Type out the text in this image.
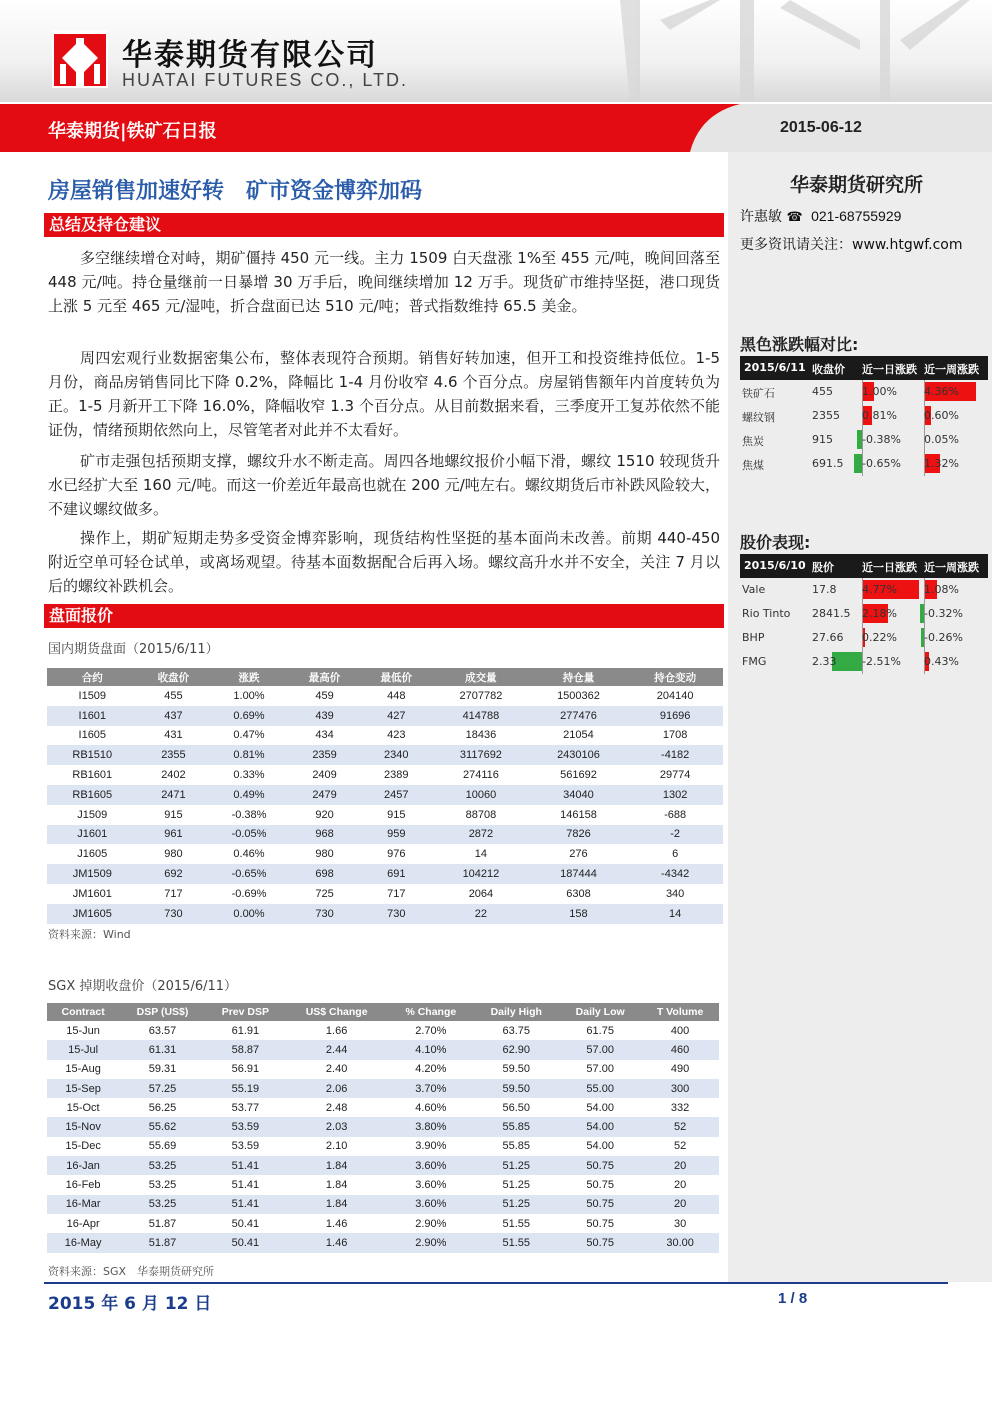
华泰期货有限公司
HUATAI FUTURES CO., LTD.
华泰期货|铁矿石日报	2015-06-12
华泰期货研究所
许惠敏 ☎ 021-68755929
更多资讯请关注：www.htgwf.com
黑色涨跌幅对比:
2015/6/11 收盘价 近一日涨跌 近一周涨跌
铁矿石	455	1.00% 4.36%
螺纹钢	2355 0.81% 0.60%
焦炭	915	-0.38% 0.05%
焦煤	691.5 -0.65% 1.32%
股价表现:
2015/6/10 股价	近一日涨跌 近一周涨跌
Vale	17.8 4.77% 1.08%
Rio Tinto 2841.5 2.18% -0.32%
BHP	27.66 0.22% -0.26%
FMG	2.33 -2.51% 0.43%
房屋销售加速好转　矿市资金博弈加码
总结及持仓建议

多空继续增仓对峙，期矿僵持 450 元一线。主力 1509 白天盘涨 1%至 455 元/吨，晚间回落至 448 元/吨。持仓量继前一日暴增 30 万手后，晚间继续增加 12 万手。现货矿市维持坚挺，港口现货上涨 5 元至 465 元/湿吨，折合盘面已达 510 元/吨；普式指数维持 65.5 美金。

周四宏观行业数据密集公布，整体表现符合预期。销售好转加速，但开工和投资维持低位。1-5 月份，商品房销售同比下降 0.2%，降幅比 1-4 月份收窄 4.6 个百分点。房屋销售额年内首度转负为正。1-5 月新开工下降 16.0%，降幅收窄 1.3 个百分点。从目前数据来看，三季度开工复苏依然不能证伪，情绪预期依然向上，尽管笔者对此并不太看好。

矿市走强包括预期支撑，螺纹升水不断走高。周四各地螺纹报价小幅下滑，螺纹 1510 较现货升水已经扩大至 160 元/吨。而这一价差近年最高也就在 200 元/吨左右。螺纹期货后市补跌风险较大，不建议螺纹做多。

操作上，期矿短期走势多受资金博弈影响，现货结构性坚挺的基本面尚未改善。前期 440-450 附近空单可轻仓试单，或离场观望。待基本面数据配合后再入场。螺纹高升水并不安全，关注 7 月以后的螺纹补跌机会。

盘面报价
国内期货盘面（2015/6/11）
合约	收盘价	涨跌	最高价	最低价	成交量	持仓量	持仓变动
I1509	455	1.00%	459	448	2707782	1500362	204140
I1601	437	0.69%	439	427	414788	277476	91696
I1605	431	0.47%	434	423	18436	21054	1708
RB1510	2355	0.81%	2359	2340	3117692	2430106	-4182
RB1601	2402	0.33%	2409	2389	274116	561692	29774
RB1605	2471	0.49%	2479	2457	10060	34040	1302
J1509	915	-0.38%	920	915	88708	146158	-688
J1601	961	-0.05%	968	959	2872	7826	-2
J1605	980	0.46%	980	976	14	276	6
JM1509	692	-0.65%	698	691	104212	187444	-4342
JM1601	717	-0.69%	725	717	2064	6308	340
JM1605	730	0.00%	730	730	22	158	14
资料来源：Wind
SGX 掉期收盘价（2015/6/11）
Contract	DSP (US$)	Prev DSP	US$ Change	% Change	Daily High	Daily Low	T Volume
15-Jun	63.57	61.91	1.66	2.70%	63.75	61.75	400
15-Jul	61.31	58.87	2.44	4.10%	62.90	57.00	460
15-Aug	59.31	56.91	2.40	4.20%	59.50	57.00	490
15-Sep	57.25	55.19	2.06	3.70%	59.50	55.00	300
15-Oct	56.25	53.77	2.48	4.60%	56.50	54.00	332
15-Nov	55.62	53.59	2.03	3.80%	55.85	54.00	52
15-Dec	55.69	53.59	2.10	3.90%	55.85	54.00	52
16-Jan	53.25	51.41	1.84	3.60%	51.25	50.75	20
16-Feb	53.25	51.41	1.84	3.60%	51.25	50.75	20
16-Mar	53.25	51.41	1.84	3.60%	51.25	50.75	20
16-Apr	51.87	50.41	1.46	2.90%	51.55	50.75	30
16-May	51.87	50.41	1.46	2.90%	51.55	50.75	30.00
资料来源：SGX　华泰期货研究所
2015 年 6 月 12 日	1 / 8
